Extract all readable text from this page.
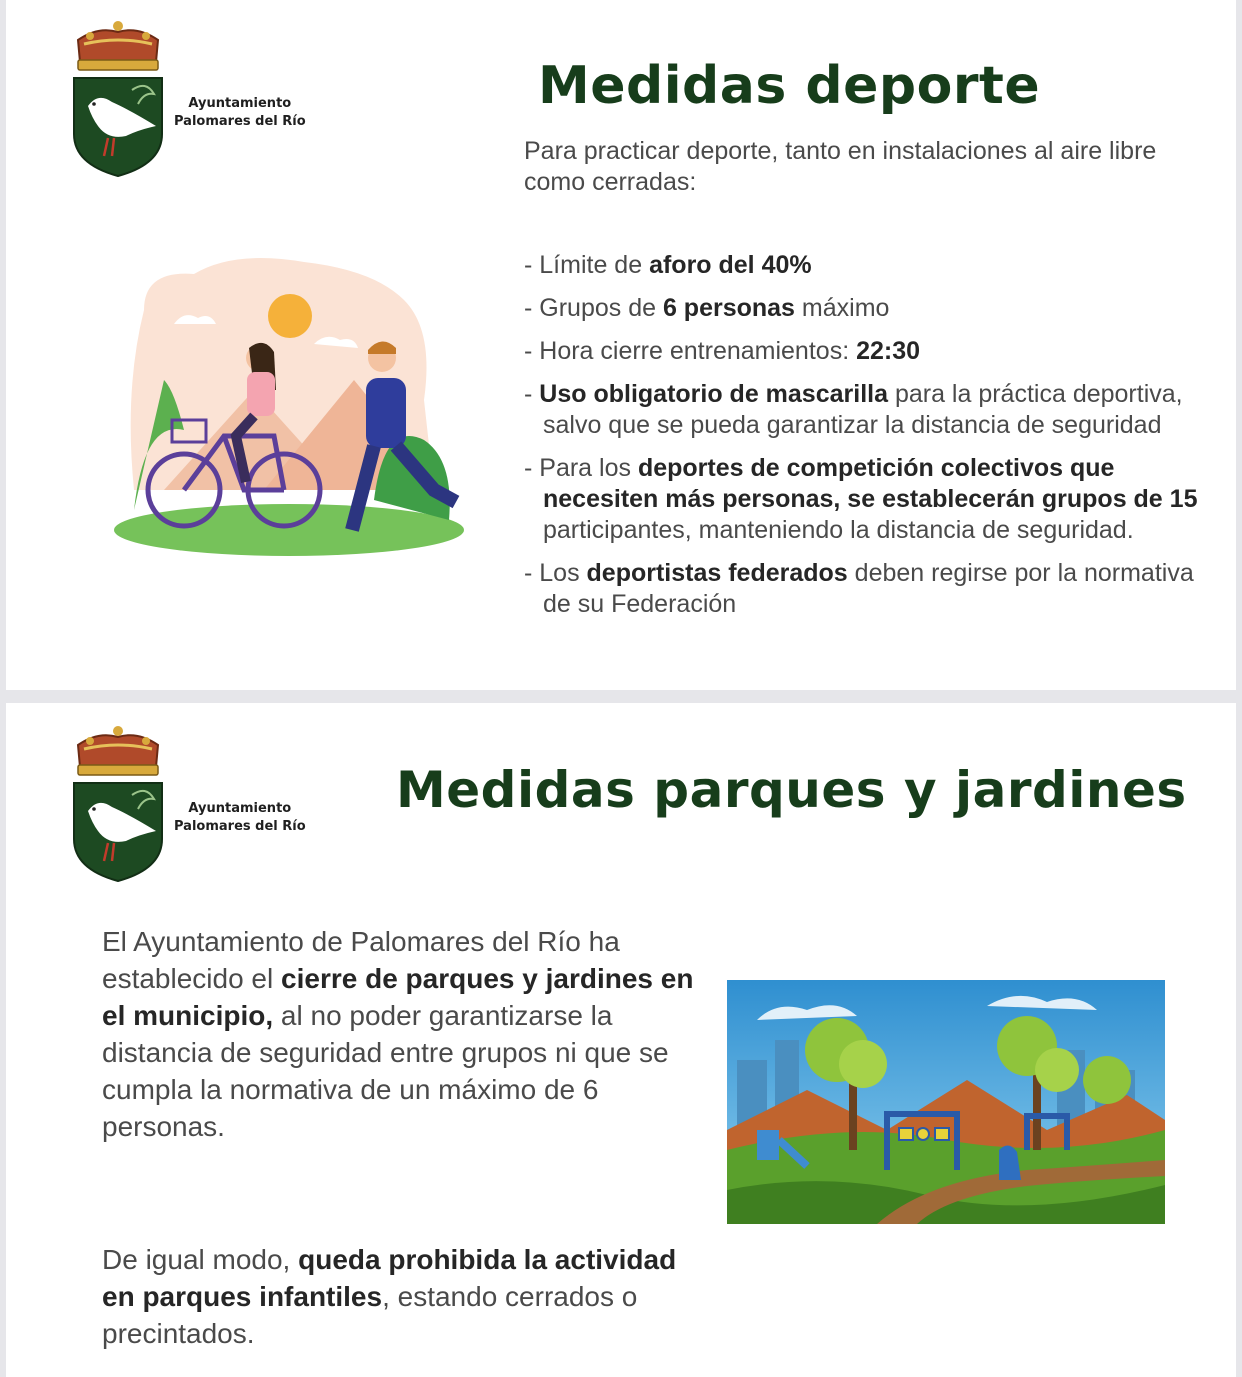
Ayuntamiento
Palomares del Río
Medidas deporte

Para practicar deporte, tanto en instalaciones al aire libre como cerradas:

- Límite de aforo del 40%
- Grupos de 6 personas máximo
- Hora cierre entrenamientos: 22:30
- Uso obligatorio de mascarilla para la práctica deportiva, salvo que se pueda garantizar la distancia de seguridad
- Para los deportes de competición colectivos que necesiten más personas, se establecerán grupos de 15 participantes, manteniendo la distancia de seguridad.
- Los deportistas federados deben regirse por la normativa de su Federación
Ayuntamiento
Palomares del Río
Medidas parques y jardines

El Ayuntamiento de Palomares del Río ha establecido el cierre de parques y jardines en el municipio, al no poder garantizarse la distancia de seguridad entre grupos ni que se cumpla la normativa de un máximo de 6 personas.

De igual modo, queda prohibida la actividad en parques infantiles, estando cerrados o precintados.
